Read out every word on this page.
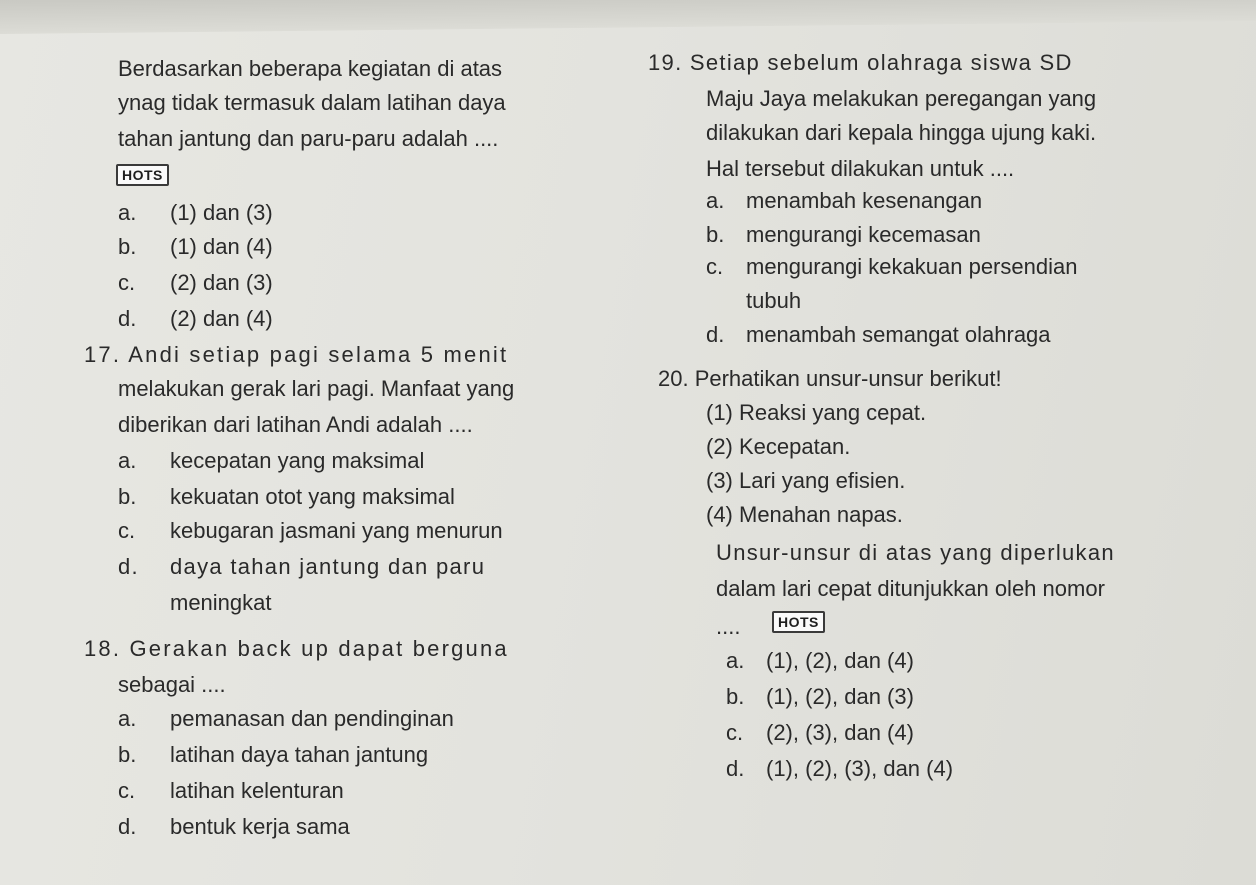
Berdasarkan beberapa kegiatan di atas
ynag tidak termasuk dalam latihan daya
tahan jantung dan paru-paru adalah ....
HOTS
a. (1) dan (3)
b. (1) dan (4)
c. (2) dan (3)
d. (2) dan (4)
17. Andi setiap pagi selama 5 menit
melakukan gerak lari pagi. Manfaat yang
diberikan dari latihan Andi adalah ....
a. kecepatan yang maksimal
b. kekuatan otot yang maksimal
c. kebugaran jasmani yang menurun
d. daya tahan jantung dan paru
meningkat
18. Gerakan back up dapat berguna
sebagai ....
a. pemanasan dan pendinginan
b. latihan daya tahan jantung
c. latihan kelenturan
d. bentuk kerja sama
19. Setiap sebelum olahraga siswa SD
Maju Jaya melakukan peregangan yang
dilakukan dari kepala hingga ujung kaki.
Hal tersebut dilakukan untuk ....
a. menambah kesenangan
b. mengurangi kecemasan
c. mengurangi kekakuan persendian
tubuh
d. menambah semangat olahraga
20. Perhatikan unsur-unsur berikut!
(1) Reaksi yang cepat.
(2) Kecepatan.
(3) Lari yang efisien.
(4) Menahan napas.
Unsur-unsur di atas yang diperlukan
dalam lari cepat ditunjukkan oleh nomor
....	HOTS
a. (1), (2), dan (4)
b. (1), (2), dan (3)
c. (2), (3), dan (4)
d. (1), (2), (3), dan (4)
